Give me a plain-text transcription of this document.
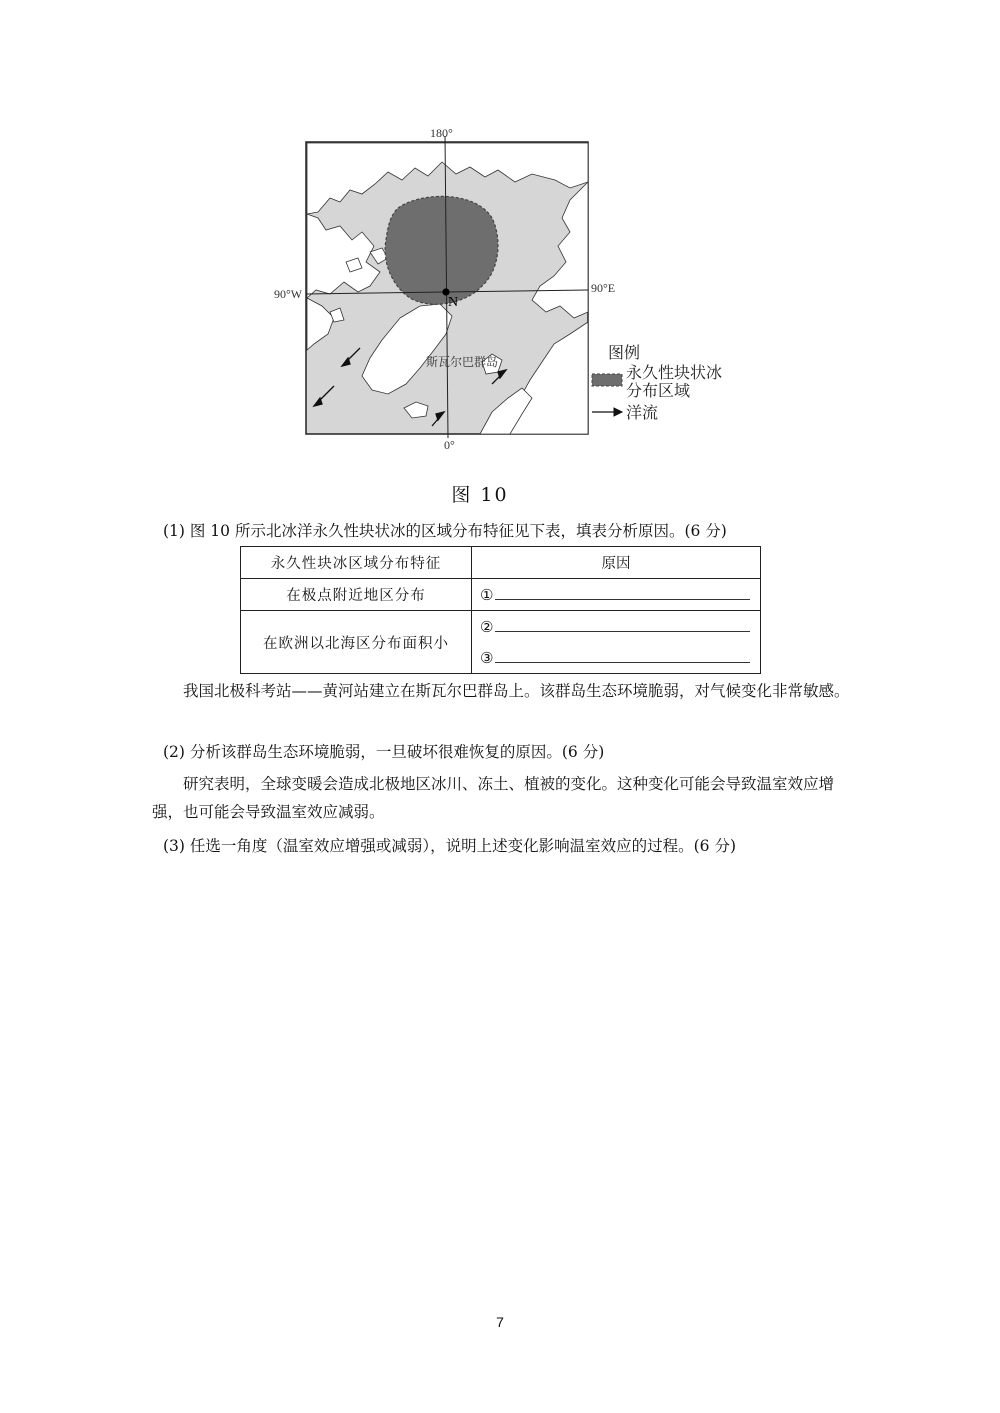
180°
90°W	90°E
0°
N
斯瓦尔巴群岛	图例
永久性块状冰
分布区域
洋流
图 10
(1) 图 10 所示北冰洋永久性块状冰的区域分布特征见下表，填表分析原因。(6 分)
永久性块冰区域分布特征	原因
在极点附近地区分布	①
在欧洲以北海区分布面积小	②
	③
我国北极科考站——黄河站建立在斯瓦尔巴群岛上。该群岛生态环境脆弱，对气候变化非常敏感。
(2) 分析该群岛生态环境脆弱，一旦破坏很难恢复的原因。(6 分)
研究表明，全球变暖会造成北极地区冰川、冻土、植被的变化。这种变化可能会导致温室效应增强，也可能会导致温室效应减弱。
(3) 任选一角度（温室效应增强或减弱），说明上述变化影响温室效应的过程。(6 分)
7
